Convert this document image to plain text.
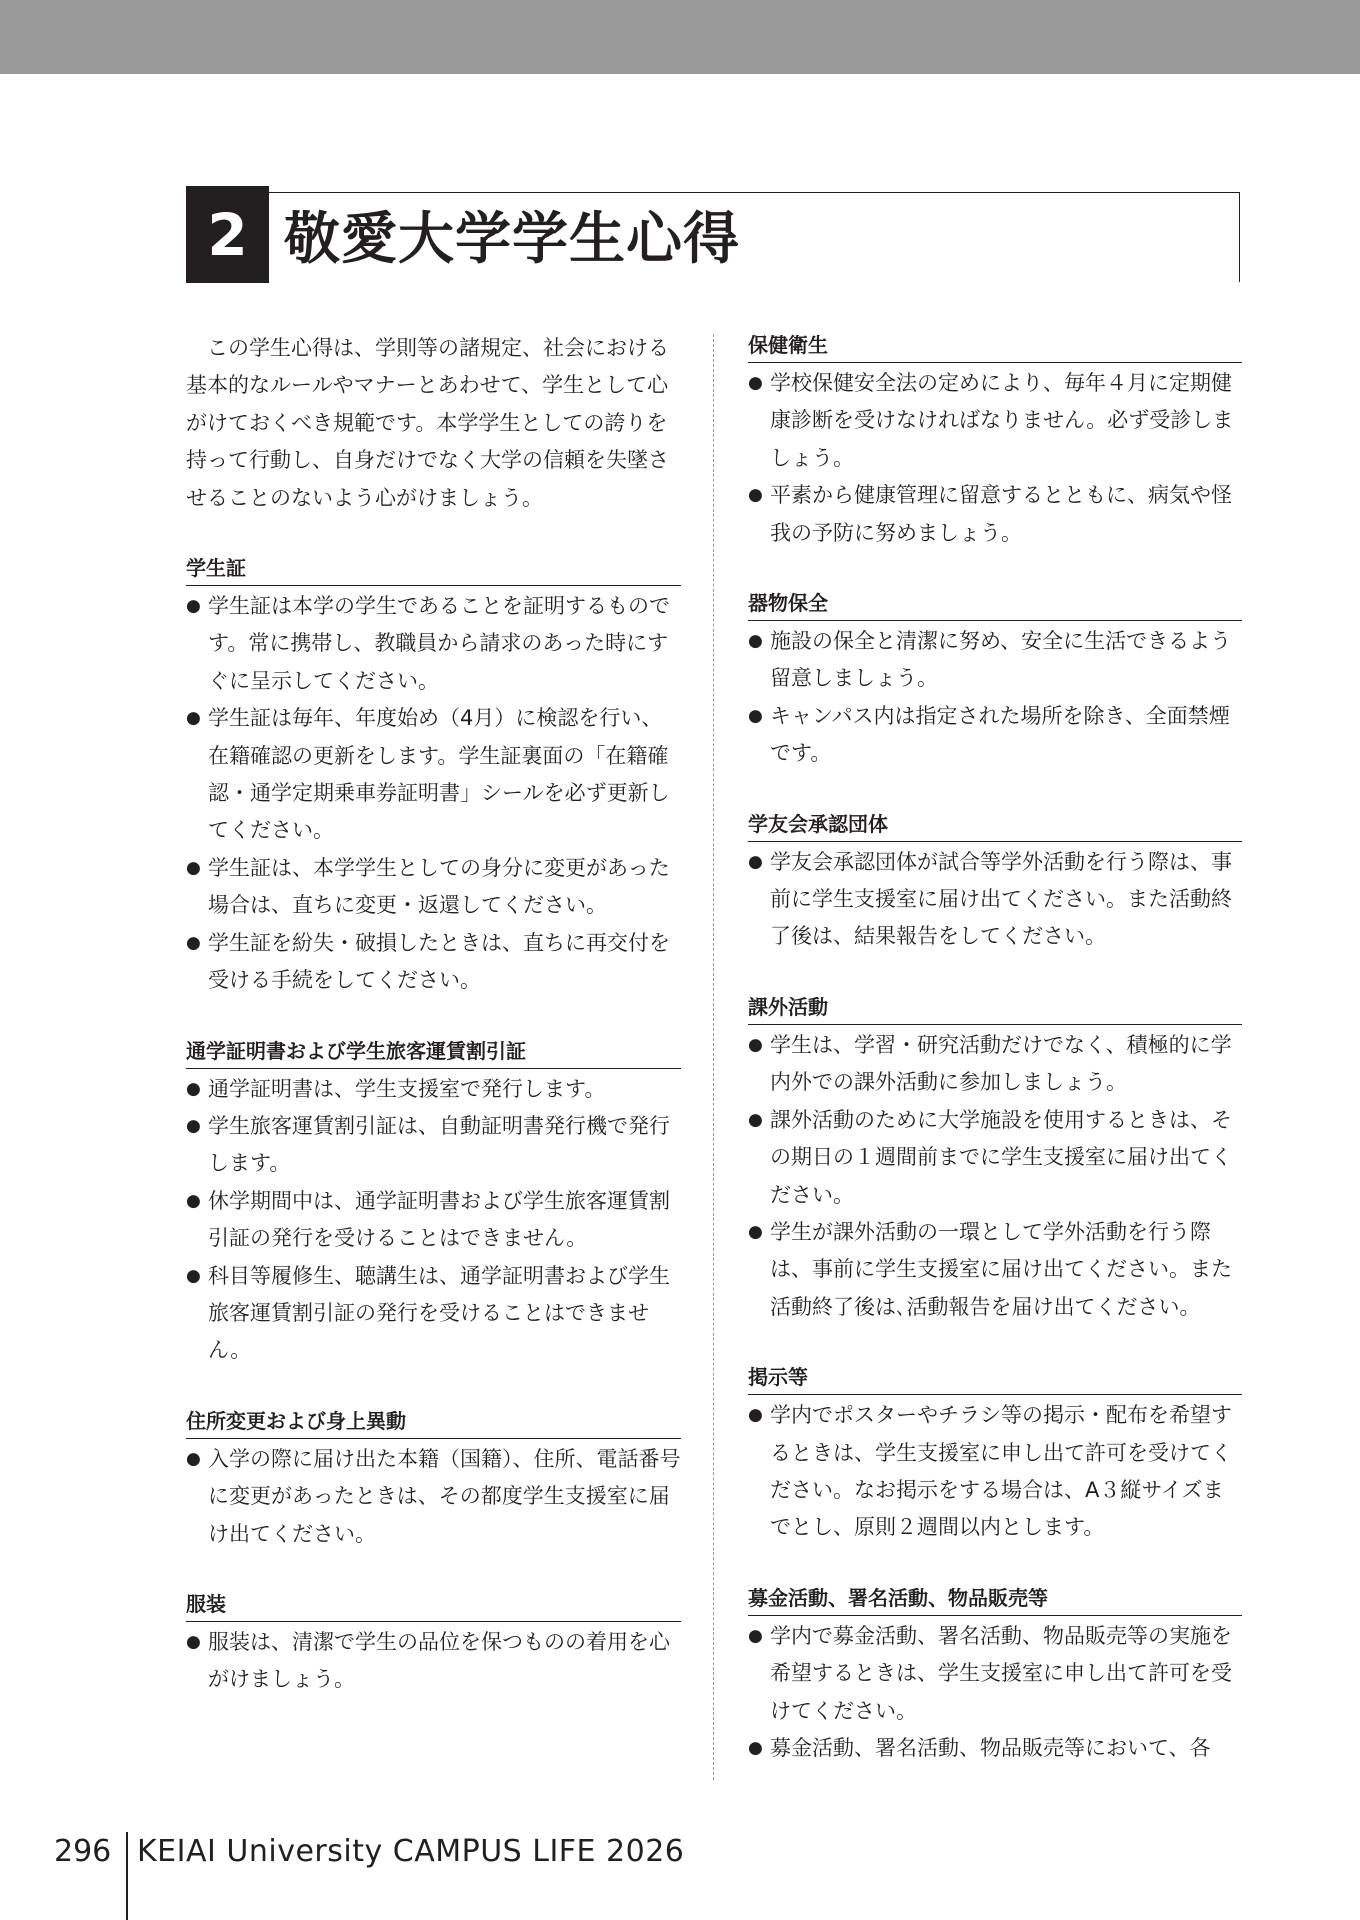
2 敬愛大学学生心得

この学生心得は、学則等の諸規定、社会における基本的なルールやマナーとあわせて、学生として心がけておくべき規範です。本学学生としての誇りを持って行動し、自身だけでなく大学の信頼を失墜させることのないよう心がけましょう。

学生証
● 学生証は本学の学生であることを証明するものです。常に携帯し、教職員から請求のあった時にすぐに呈示してください。
● 学生証は毎年、年度始め（4月）に検認を行い、在籍確認の更新をします。学生証裏面の「在籍確認・通学定期乗車券証明書」シールを必ず更新してください。
● 学生証は、本学学生としての身分に変更があった場合は、直ちに変更・返還してください。
● 学生証を紛失・破損したときは、直ちに再交付を受ける手続をしてください。
通学証明書および学生旅客運賃割引証
● 通学証明書は、学生支援室で発行します。
● 学生旅客運賃割引証は、自動証明書発行機で発行します。
● 休学期間中は、通学証明書および学生旅客運賃割引証の発行を受けることはできません。
● 科目等履修生、聴講生は、通学証明書および学生旅客運賃割引証の発行を受けることはできません。
住所変更および身上異動
● 入学の際に届け出た本籍（国籍）、住所、電話番号に変更があったときは、その都度学生支援室に届け出てください。
服装
● 服装は、清潔で学生の品位を保つものの着用を心がけましょう。
保健衛生
● 学校保健安全法の定めにより、毎年４月に定期健康診断を受けなければなりません。必ず受診しましょう。
● 平素から健康管理に留意するとともに、病気や怪我の予防に努めましょう。
器物保全
● 施設の保全と清潔に努め、安全に生活できるよう留意しましょう。
● キャンパス内は指定された場所を除き、全面禁煙です。
学友会承認団体
● 学友会承認団体が試合等学外活動を行う際は、事前に学生支援室に届け出てください。また活動終了後は、結果報告をしてください。
課外活動
● 学生は、学習・研究活動だけでなく、積極的に学内外での課外活動に参加しましょう。
● 課外活動のために大学施設を使用するときは、その期日の１週間前までに学生支援室に届け出てください。
● 学生が課外活動の一環として学外活動を行う際は、事前に学生支援室に届け出てください。また活動終了後は､活動報告を届け出てください。
掲示等
● 学内でポスターやチラシ等の掲示・配布を希望するときは、学生支援室に申し出て許可を受けてください。なお掲示をする場合は、A３縦サイズまでとし、原則２週間以内とします。
募金活動、署名活動、物品販売等
● 学内で募金活動、署名活動、物品販売等の実施を希望するときは、学生支援室に申し出て許可を受けてください。
● 募金活動、署名活動、物品販売等において、各
296 KEIAI University CAMPUS LIFE 2026
